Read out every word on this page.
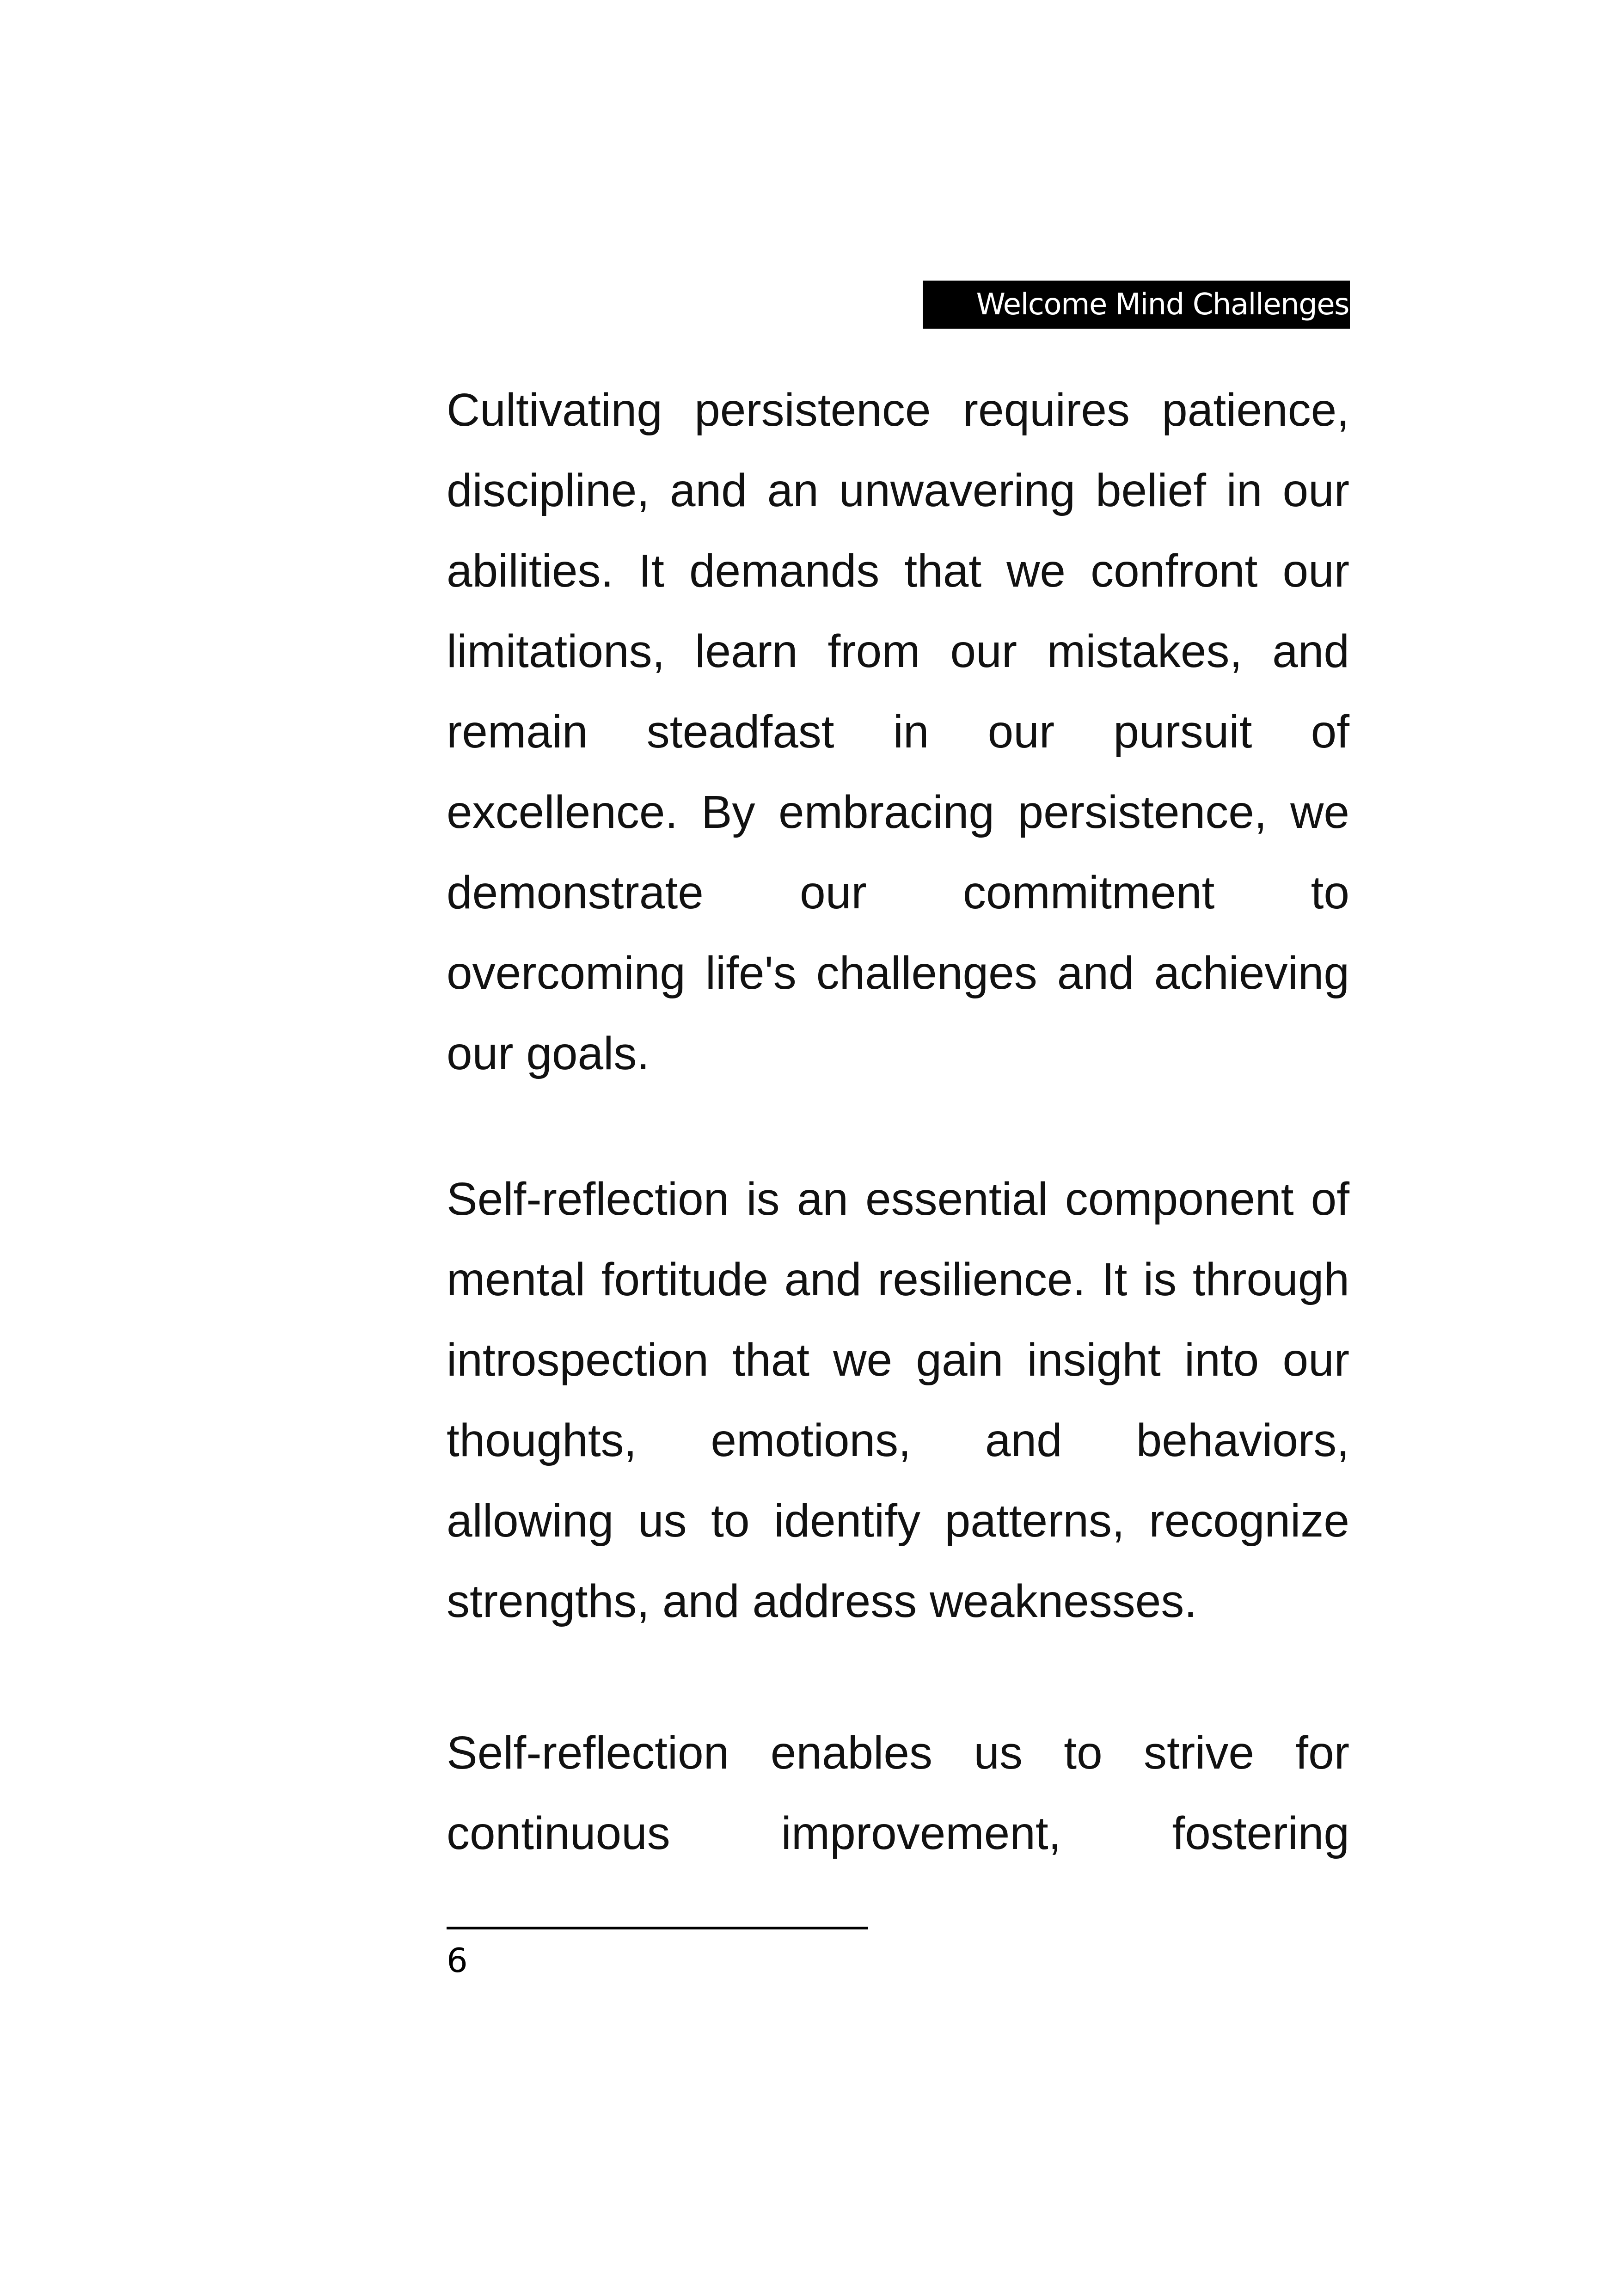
Welcome Mind Challenges
Cultivating persistence requires patience,
discipline, and an unwavering belief in our
abilities. It demands that we confront our
limitations, learn from our mistakes, and
remain steadfast in our pursuit of
excellence. By embracing persistence, we
demonstrate our commitment to
overcoming life's challenges and achieving
our goals.
Self-reflection is an essential component of
mental fortitude and resilience. It is through
introspection that we gain insight into our
thoughts, emotions, and behaviors,
allowing us to identify patterns, recognize
strengths, and address weaknesses.
Self-reflection enables us to strive for
continuous improvement, fostering
6
